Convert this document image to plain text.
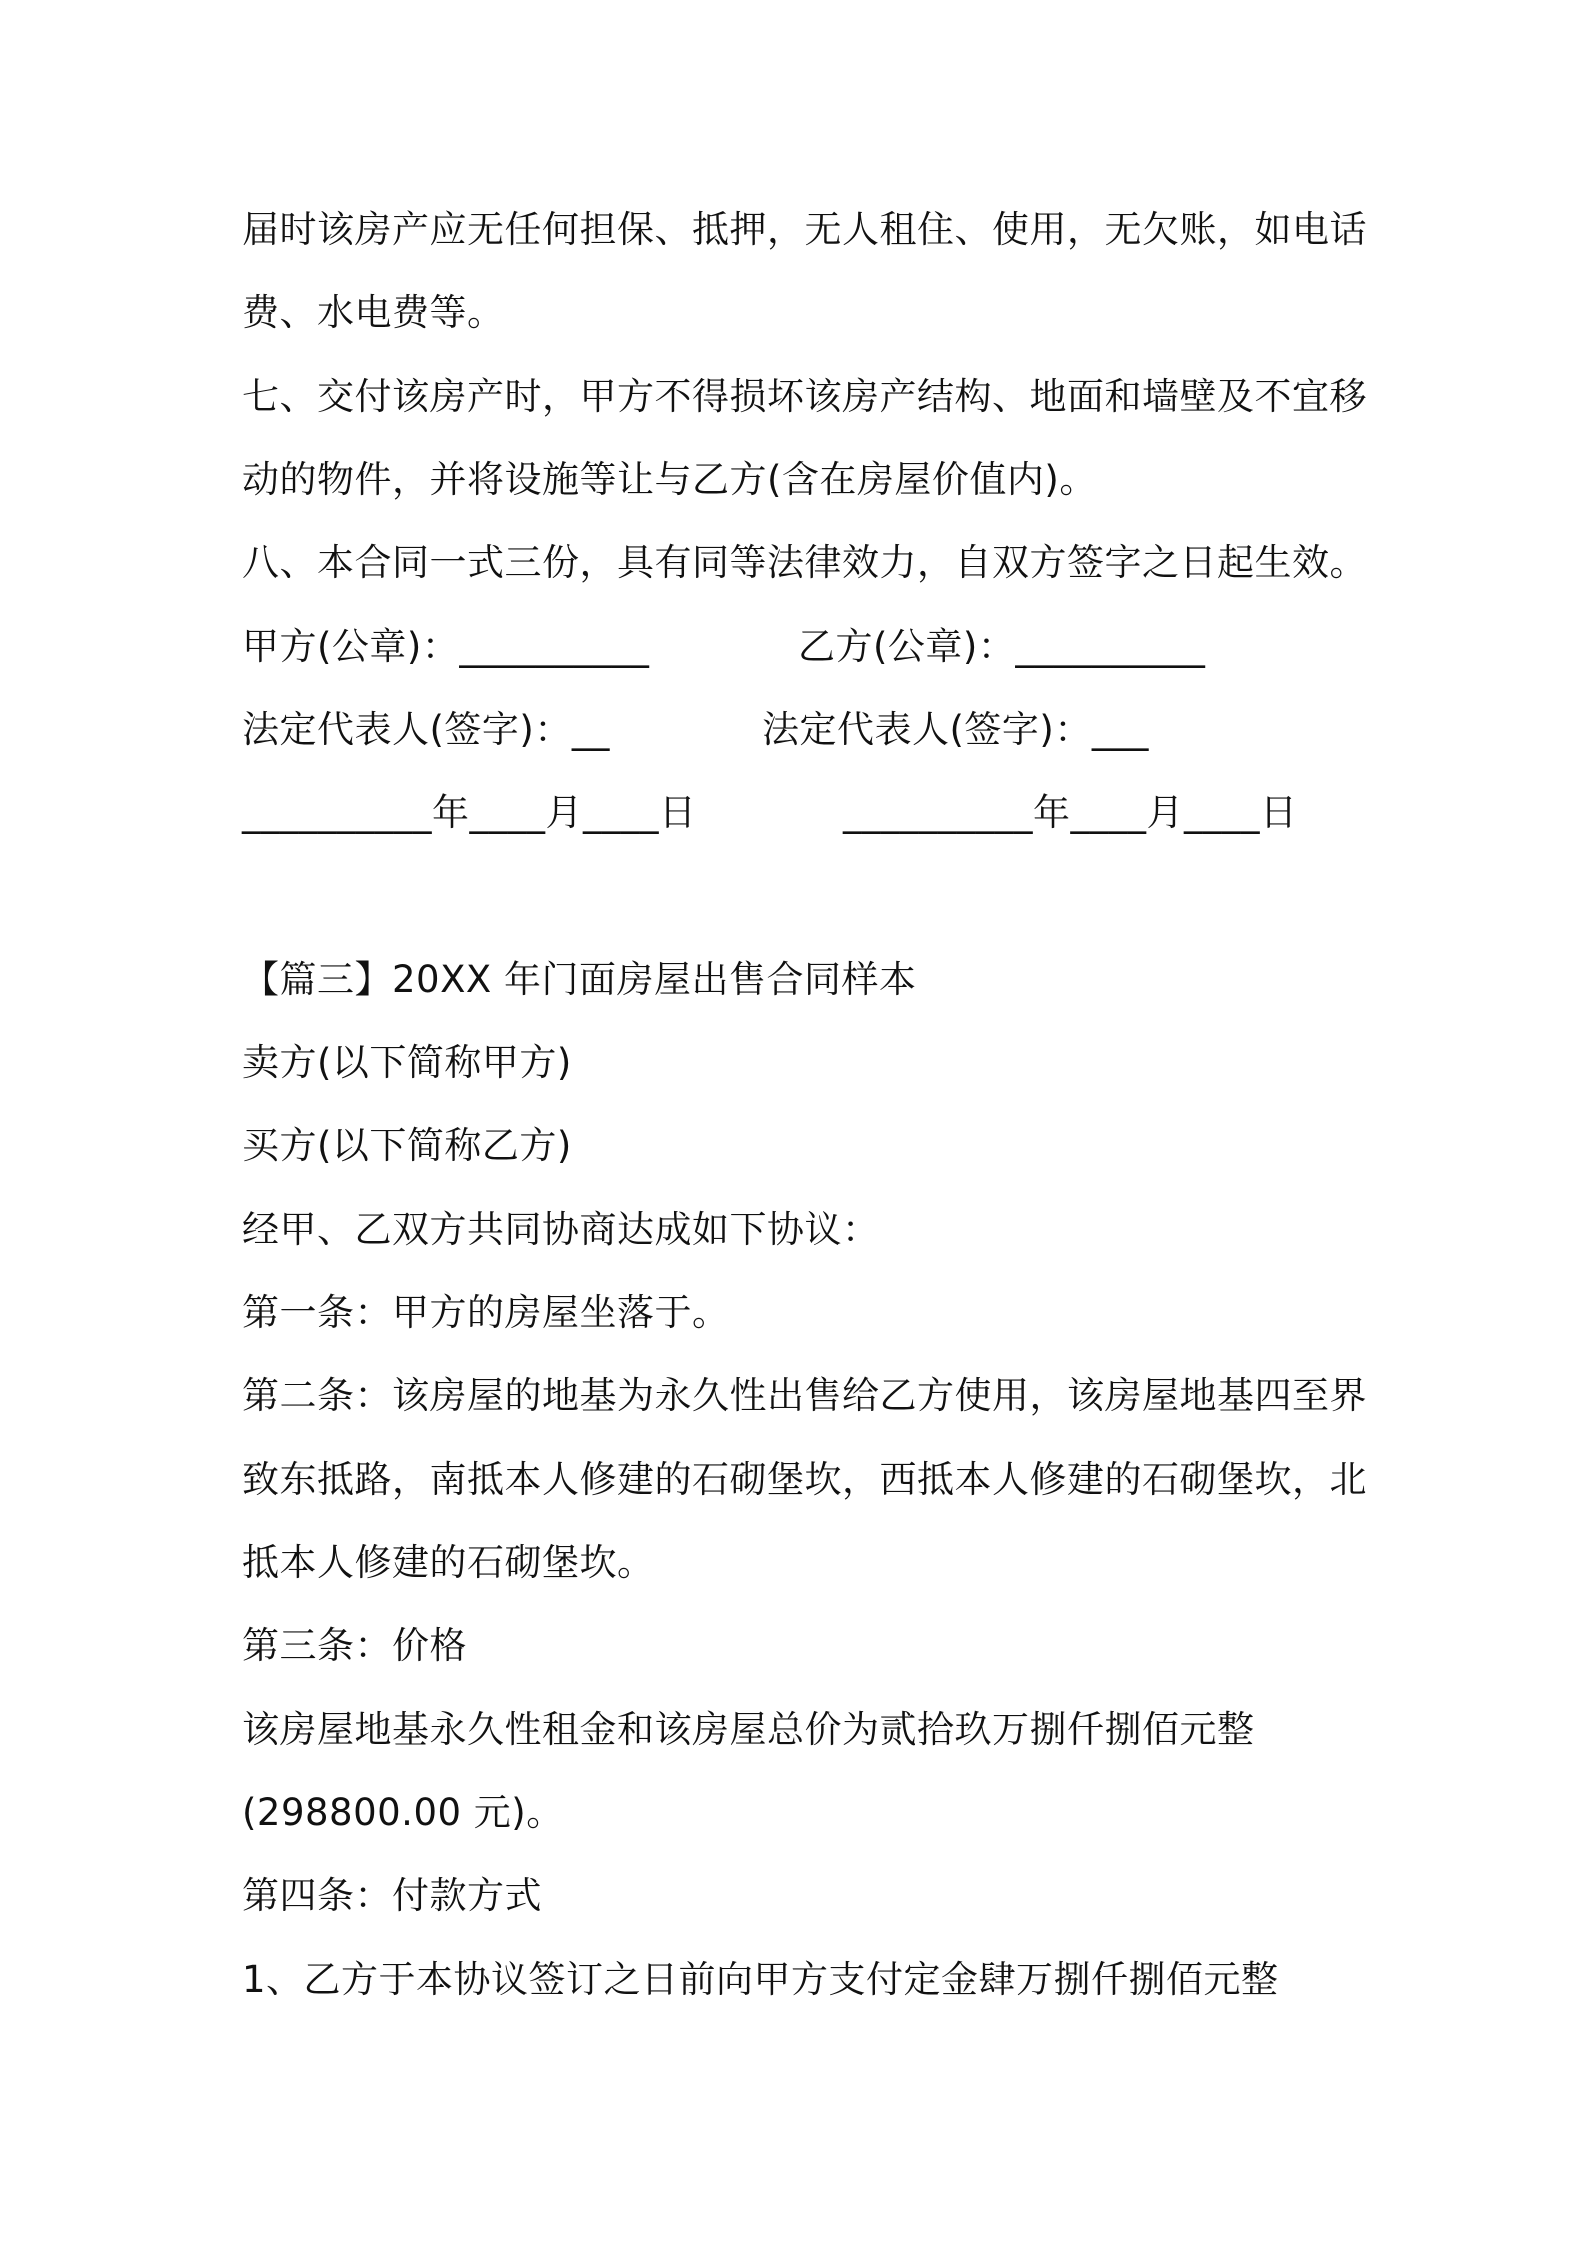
届时该房产应无任何担保、抵押，无人租住、使用，无欠账，如电话
费、水电费等。
七、交付该房产时，甲方不得损坏该房产结构、地面和墙壁及不宜移
动的物件，并将设施等让与乙方(含在房屋价值内)。
八、本合同一式三份，具有同等法律效力，自双方签字之日起生效。
甲方(公章)：__________	乙方(公章)：__________
法定代表人(签字)：__	法定代表人(签字)：___
__________年____月____日	__________年____月____日
【篇三】20XX 年门面房屋出售合同样本
卖方(以下简称甲方)
买方(以下简称乙方)
经甲、乙双方共同协商达成如下协议：
第一条：甲方的房屋坐落于。
第二条：该房屋的地基为永久性出售给乙方使用，该房屋地基四至界
致东抵路，南抵本人修建的石砌堡坎，西抵本人修建的石砌堡坎，北
抵本人修建的石砌堡坎。
第三条：价格
该房屋地基永久性租金和该房屋总价为贰拾玖万捌仟捌佰元整
(298800.00 元)。
第四条：付款方式
1、乙方于本协议签订之日前向甲方支付定金肆万捌仟捌佰元整
